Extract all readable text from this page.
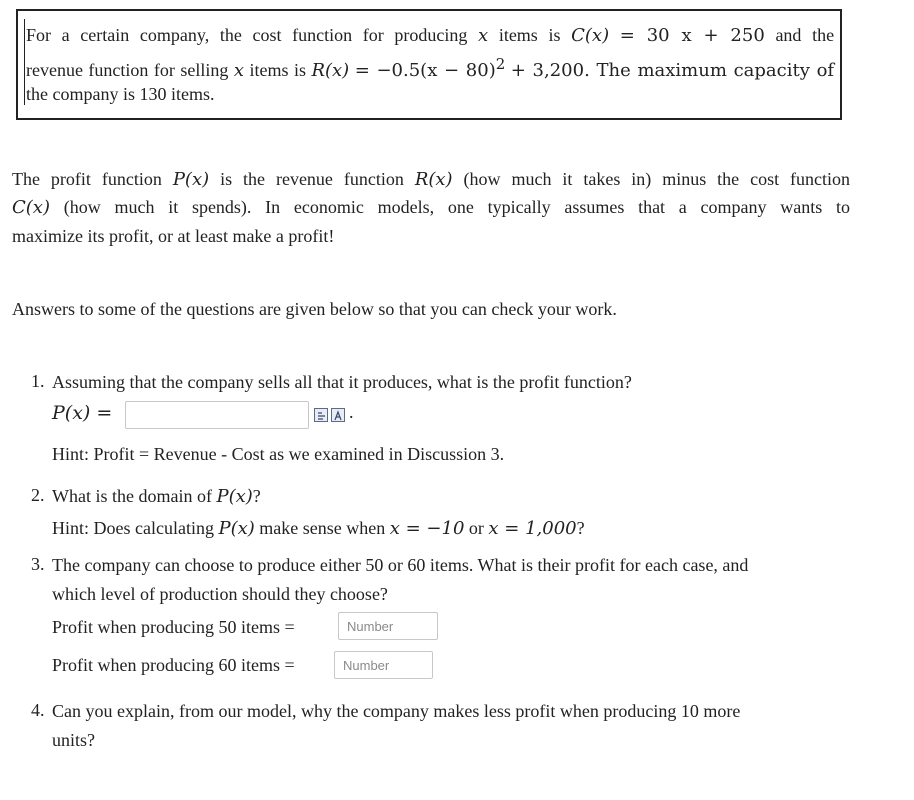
For a certain company, the cost function for producing x items is C(x) = 30 x + 250 and the
revenue function for selling x items is $R(x) = -0.5(x - 80)^2 + 3,200$. The maximum capacity of
the company is 130 items.
The profit function P(x) is the revenue function R(x) (how much it takes in) minus the cost function
C(x) (how much it spends). In economic models, one typically assumes that a company wants to
maximize its profit, or at least make a profit!
Answers to some of the questions are given below so that you can check your work.
1. Assuming that the company sells all that it produces, what is the profit function?
P(x) =	.
Hint: Profit = Revenue - Cost as we examined in Discussion 3.
2. What is the domain of P(x)?
Hint: Does calculating P(x) make sense when x = −10 or x = 1,000?
3. The company can choose to produce either 50 or 60 items. What is their profit for each case, and
which level of production should they choose?
Profit when producing 50 items =
Number
Profit when producing 60 items =
Number
4. Can you explain, from our model, why the company makes less profit when producing 10 more
units?
